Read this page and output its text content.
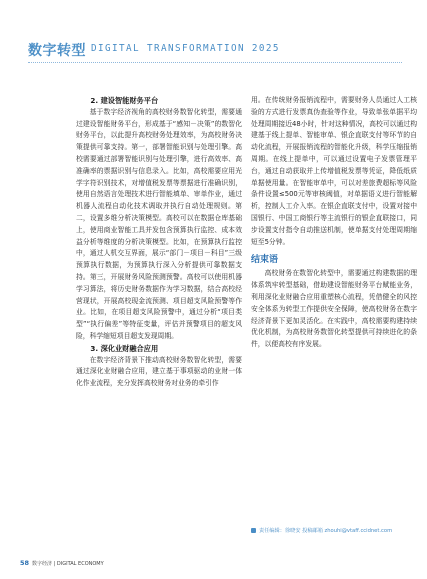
数字转型 DIGITAL TRANSFORMATION 2025
2. 建设智能财务平台

基于数字经济视角的高校财务数智化转型，需要通过建设智能财务平台，形成基于“感知－决策”的数智化财务平台，以此提升高校财务处理效率，为高校财务决策提供可靠支持。第一，部署智能识别与处理引擎。高校需要通过部署智能识别与处理引擎，进行高效率、高准确率的票据识别与信息录入。比如，高校需要应用光学字符识别技术，对增值税发票等票据进行准确识别，使用自然语言处理技术进行智能填单、审单作业，通过机器人流程自动化技术调取并执行自动处理规则。第二，设置多维分析决策模型。高校可以在数据仓库基础上，使用商业智能工具并发包含预算执行监控、成本效益分析等维度的分析决策模型。比如，在预算执行监控中，通过人机交互界面，展示“部门－项目－科目”三级预算执行数据，为预算执行深入分析提供可靠数据支持。第三，开展财务风险预测预警。高校可以使用机器学习算法，将历史财务数据作为学习数据，结合高校经营现状，开展高校现金流预测、项目超支风险预警等作业。比如，在项目超支风险预警中，通过分析“项目类型”“执行偏差”等特征变量，评估并预警项目的超支风险，科学缩短项目超支发现周期。

3. 深化业财融合应用

在数字经济背景下推动高校财务数智化转型，需要通过深化业财融合应用，建立基于事项驱动的业财一体化作业流程，充分发挥高校财务对业务的牵引作

用。在传统财务报销流程中，需要财务人员通过人工核验的方式进行发票真伪查验等作业，导致单张单据平均处理周期接近48小时，针对这种情况，高校可以通过构建基于线上提单、智能审单、银企直联支付等环节的自动化流程，开展报销流程的智能化升级，科学压缩报销周期。在线上提单中，可以通过设置电子发票管理平台，通过自动获取并上传增值税发票等凭证，降低纸质单据使用量。在智能审单中，可以对差旅费超标等风险条件设置≤500元等审核阈值，对单据语义进行智能解析，控制人工介入率。在银企直联支付中，设置对接中国银行、中国工商银行等主流银行的银企直联接口，同步设置支付指令自动推送机制，使单据支付处理周期缩短至5分钟。

结束语

高校财务在数智化转型中，需要通过构建数据的理体系筑牢转型基础，借助建设智能财务平台赋能业务，利用深化业财融合应用重塑核心流程，凭借健全的风控安全体系为转型工作提供安全保障，使高校财务在数字经济背景下更加灵活化。在实践中，高校需要构建持续优化机制，为高校财务数智化转型提供可持续进化的条件，以便高校有序发展。

责任编辑：徐晓安 投稿邮箱 zhouhi@vtaff.ccidnet.com
58 数字经济 | DIGITAL ECONOMY
